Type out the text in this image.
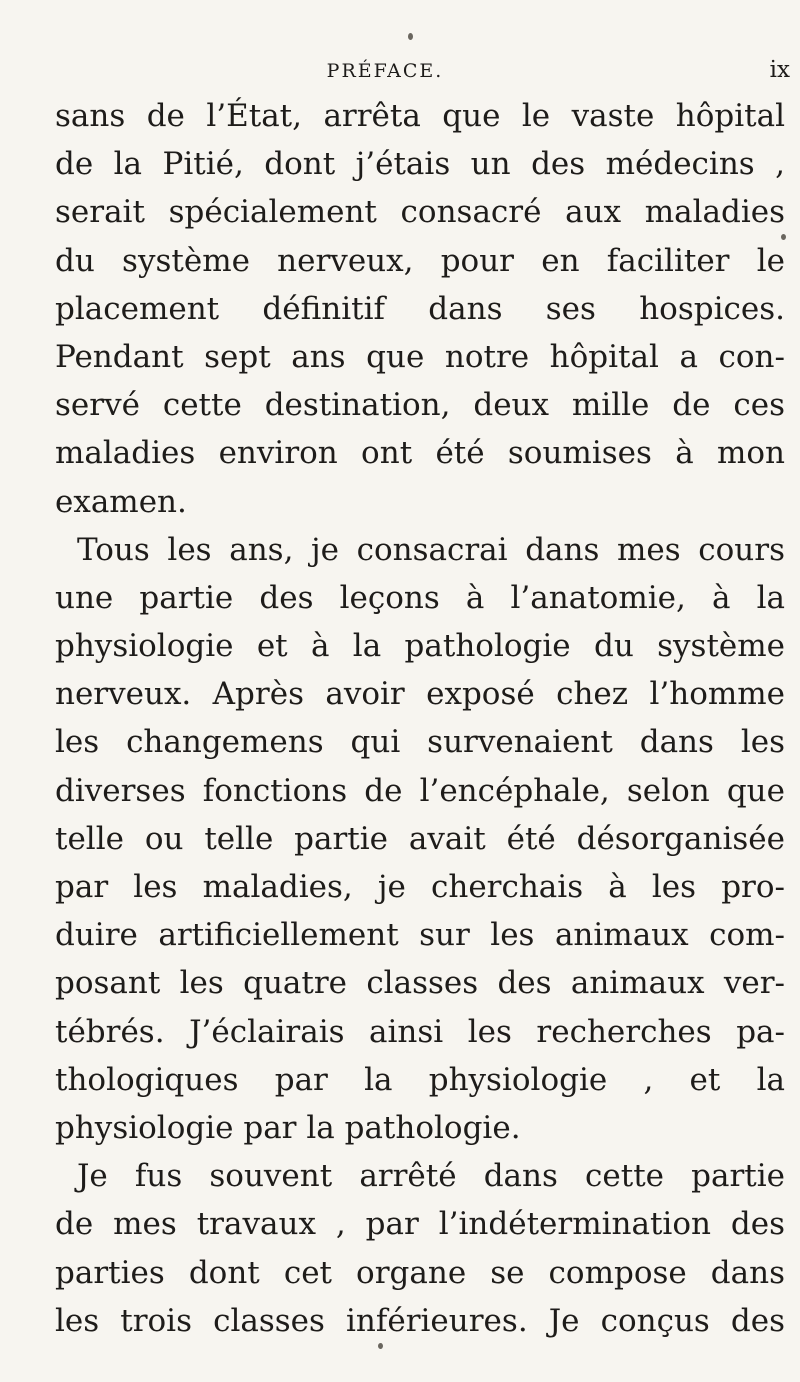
PRÉFACE.	ix
sans de l’État, arrêta que le vaste hôpital
de la Pitié, dont j’étais un des médecins ,
serait spécialement consacré aux maladies
du système nerveux, pour en faciliter le
placement définitif dans ses hospices.
Pendant sept ans que notre hôpital a con-
servé cette destination, deux mille de ces
maladies environ ont été soumises à mon
examen.
Tous les ans, je consacrai dans mes cours
une partie des leçons à l’anatomie, à la
physiologie et à la pathologie du système
nerveux. Après avoir exposé chez l’homme
les changemens qui survenaient dans les
diverses fonctions de l’encéphale, selon que
telle ou telle partie avait été désorganisée
par les maladies, je cherchais à les pro-
duire artificiellement sur les animaux com-
posant les quatre classes des animaux ver-
tébrés. J’éclairais ainsi les recherches pa-
thologiques par la physiologie , et la
physiologie par la pathologie.
Je fus souvent arrêté dans cette partie
de mes travaux , par l’indétermination des
parties dont cet organe se compose dans
les trois classes inférieures. Je conçus des
